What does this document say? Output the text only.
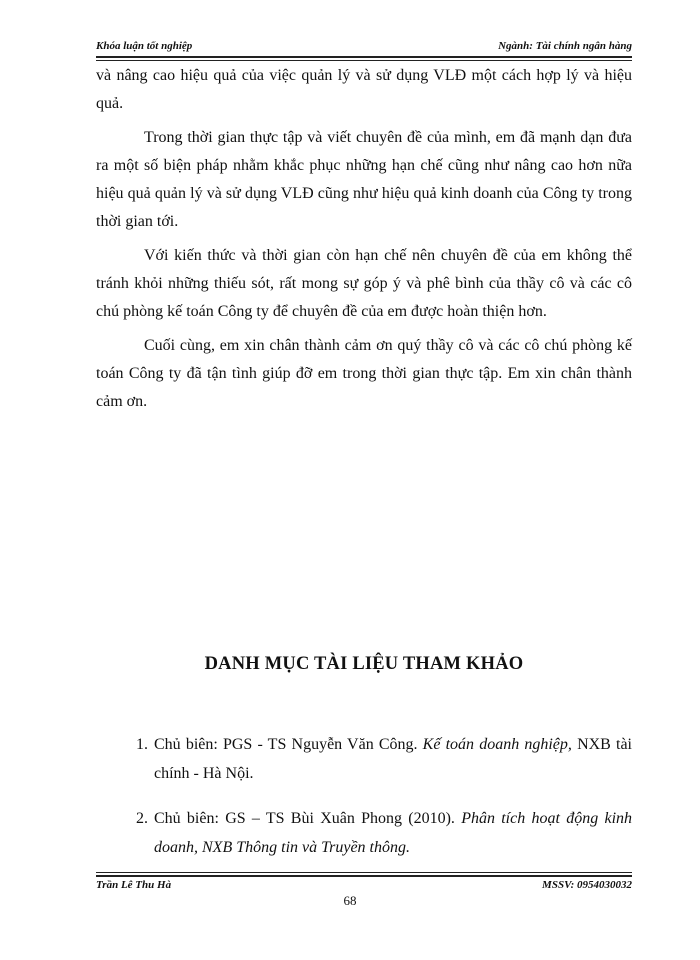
Khóa luận tốt nghiệp	Ngành: Tài chính ngân hàng

và nâng cao hiệu quả của việc quản lý và sử dụng VLĐ một cách hợp lý và hiệu quả.

Trong thời gian thực tập và viết chuyên đề của mình, em đã mạnh dạn đưa ra một số biện pháp nhằm khắc phục những hạn chế cũng như nâng cao hơn nữa hiệu quả quản lý và sử dụng VLĐ cũng như hiệu quả kinh doanh của Công ty trong thời gian tới.

Với kiến thức và thời gian còn hạn chế nên chuyên đề của em không thể tránh khỏi những thiếu sót, rất mong sự góp ý và phê bình của thầy cô và các cô chú phòng kế toán Công ty để chuyên đề của em được hoàn thiện hơn.

Cuối cùng, em xin chân thành cảm ơn quý thầy cô và các cô chú phòng kế toán Công ty đã tận tình giúp đỡ em trong thời gian thực tập. Em xin chân thành cảm ơn.

DANH MỤC TÀI LIỆU THAM KHẢO
1. Chủ biên: PGS - TS Nguyễn Văn Công. Kế toán doanh nghiệp, NXB tài chính - Hà Nội.
2. Chủ biên: GS – TS Bùi Xuân Phong (2010). Phân tích hoạt động kinh doanh, NXB Thông tin và Truyền thông.
Trần Lê Thu Hà	MSSV: 0954030032
68
